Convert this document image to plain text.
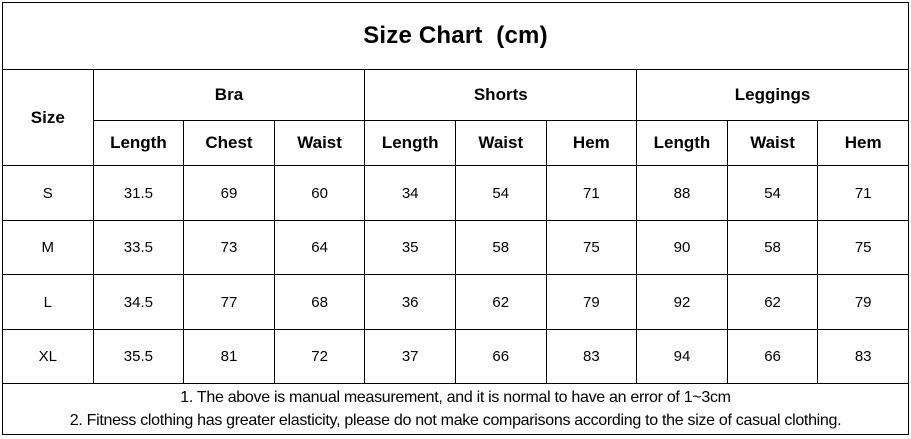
Size Chart  (cm)									
Size	Bra			Shorts			Leggings		
	Length	Chest	Waist	Length	Waist	Hem	Length	Waist	Hem
S	31.5	69	60	34	54	71	88	54	71
M	33.5	73	64	35	58	75	90	58	75
L	34.5	77	68	36	62	79	92	62	79
XL	35.5	81	72	37	66	83	94	66	83

1. The above is manual measurement, and it is normal to have an error of 1~3cm
2. Fitness clothing has greater elasticity, please do not make comparisons according to the size of casual clothing.									
